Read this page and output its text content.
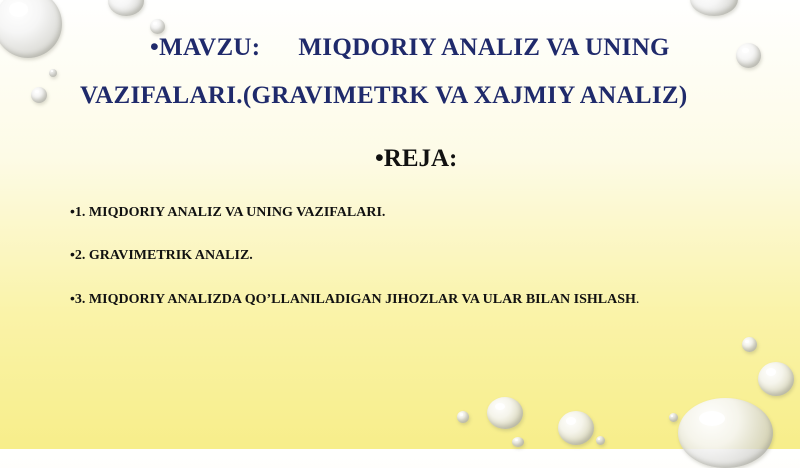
•MAVZU: MIQDORIY ANALIZ VA UNING
VAZIFALARI.(GRAVIMETRK VA XAJMIY ANALIZ)
•REJA:
•1. MIQDORIY ANALIZ VA UNING VAZIFALARI.
•2. GRAVIMETRIK ANALIZ.
•3. MIQDORIY ANALIZDA QO’LLANILADIGAN JIHOZLAR VA ULAR BILAN ISHLASH.
